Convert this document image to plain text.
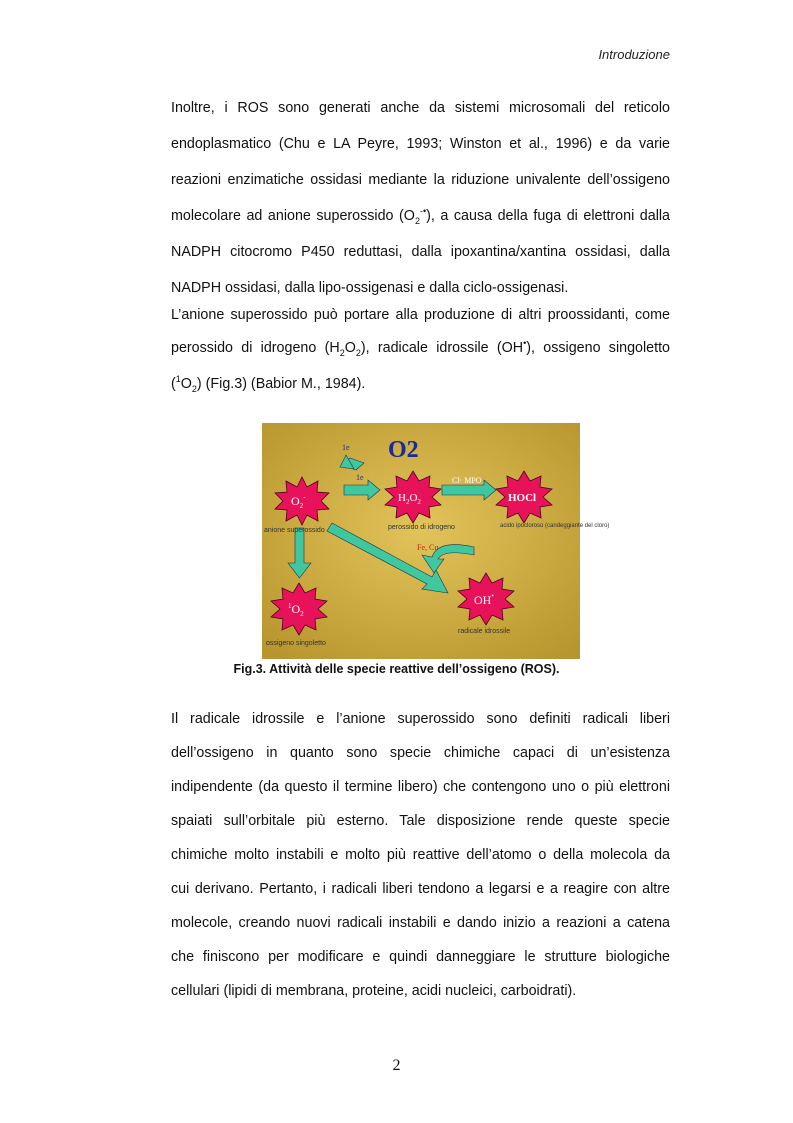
Introduzione

Inoltre, i ROS sono generati anche da sistemi microsomali del reticolo

endoplasmatico (Chu e LA Peyre, 1993; Winston et al., 1996) e da varie

reazioni enzimatiche ossidasi mediante la riduzione univalente dell’ossigeno

molecolare ad anione superossido $(O_2^{-•})$, a causa della fuga di elettroni dalla

NADPH citocromo P450 reduttasi, dalla ipoxantina/xantina ossidasi, dalla

NADPH ossidasi, dalla lipo-ossigenasi e dalla ciclo-ossigenasi.

L’anione superossido può portare alla produzione di altri proossidanti, come

perossido di idrogeno $(H_2O_2)$, radicale idrossile (OH•), ossigeno singoletto

$(^1O_2)$ (Fig.3) (Babior M., 1984).

O2
1e
1e	Cl· MPO
Fe, Cu
$O_2^-$
anione superossido
$H_2O_2$
perossido di idrogeno
HOCl
acido ipocloroso (candeggiante del cloro)
$^1O_2$
ossigeno singoletto
OH•
radicale idrossile
Fig.3. Attività delle specie reattive dell’ossigeno (ROS).

Il radicale idrossile e l’anione superossido sono definiti radicali liberi

dell’ossigeno in quanto sono specie chimiche capaci di un’esistenza

indipendente (da questo il termine libero) che contengono uno o più elettroni

spaiati sull’orbitale più esterno. Tale disposizione rende queste specie

chimiche molto instabili e molto più reattive dell’atomo o della molecola da

cui derivano. Pertanto, i radicali liberi tendono a legarsi e a reagire con altre

molecole, creando nuovi radicali instabili e dando inizio a reazioni a catena

che finiscono per modificare e quindi danneggiare le strutture biologiche

cellulari (lipidi di membrana, proteine, acidi nucleici, carboidrati).

2
